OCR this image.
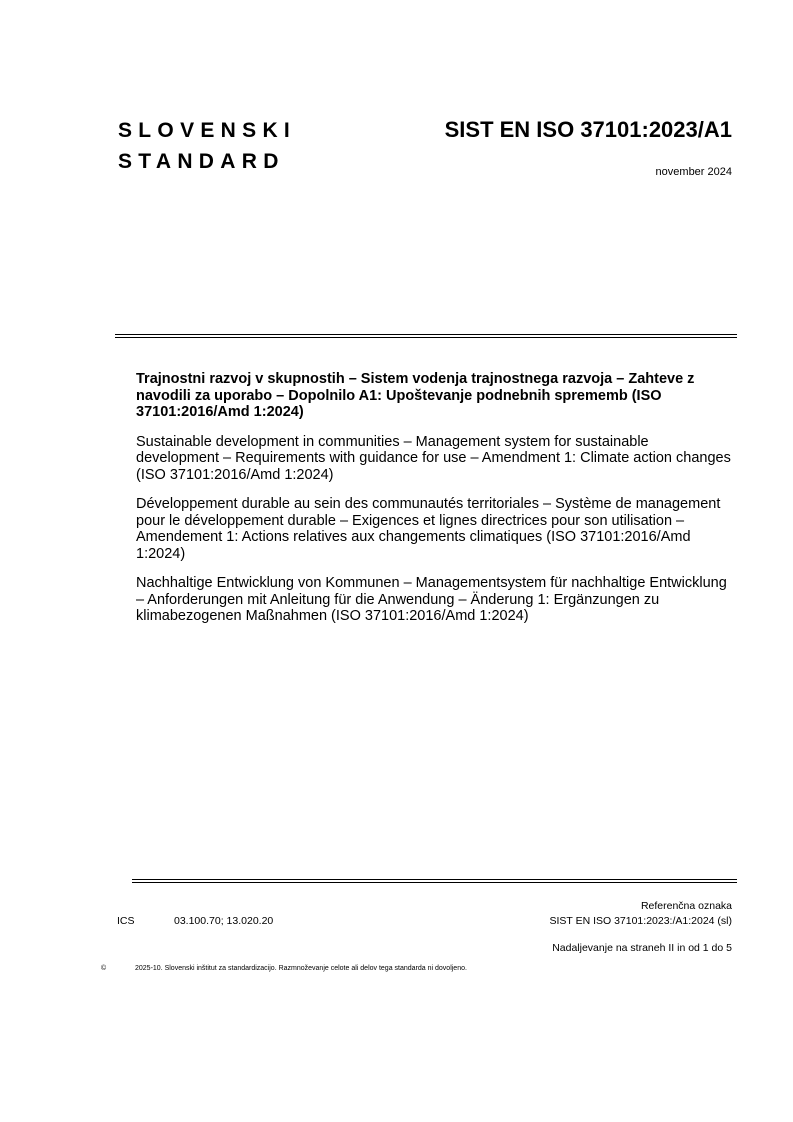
SLOVENSKI
STANDARD
SIST EN ISO 37101:2023/A1
november 2024

Trajnostni razvoj v skupnostih – Sistem vodenja trajnostnega razvoja – Zahteve z navodili za uporabo – Dopolnilo A1: Upoštevanje podnebnih sprememb (ISO 37101:2016/Amd 1:2024)

Sustainable development in communities – Management system for sustainable development – Requirements with guidance for use – Amendment 1: Climate action changes (ISO 37101:2016/Amd 1:2024)

Développement durable au sein des communautés territoriales – Système de management pour le développement durable – Exigences et lignes directrices pour son utilisation – Amendement 1: Actions relatives aux changements climatiques (ISO 37101:2016/Amd 1:2024)

Nachhaltige Entwicklung von Kommunen – Managementsystem für nachhaltige Entwicklung – Anforderungen mit Anleitung für die Anwendung – Änderung 1: Ergänzungen zu klimabezogenen Maßnahmen (ISO 37101:2016/Amd 1:2024)

Referenčna oznaka
ICS	03.100.70; 13.020.20	SIST EN ISO 37101:2023:/A1:2024 (sl)
Nadaljevanje na straneh II in od 1 do 5
©	2025-10. Slovenski inštitut za standardizacijo. Razmnoževanje celote ali delov tega standarda ni dovoljeno.
